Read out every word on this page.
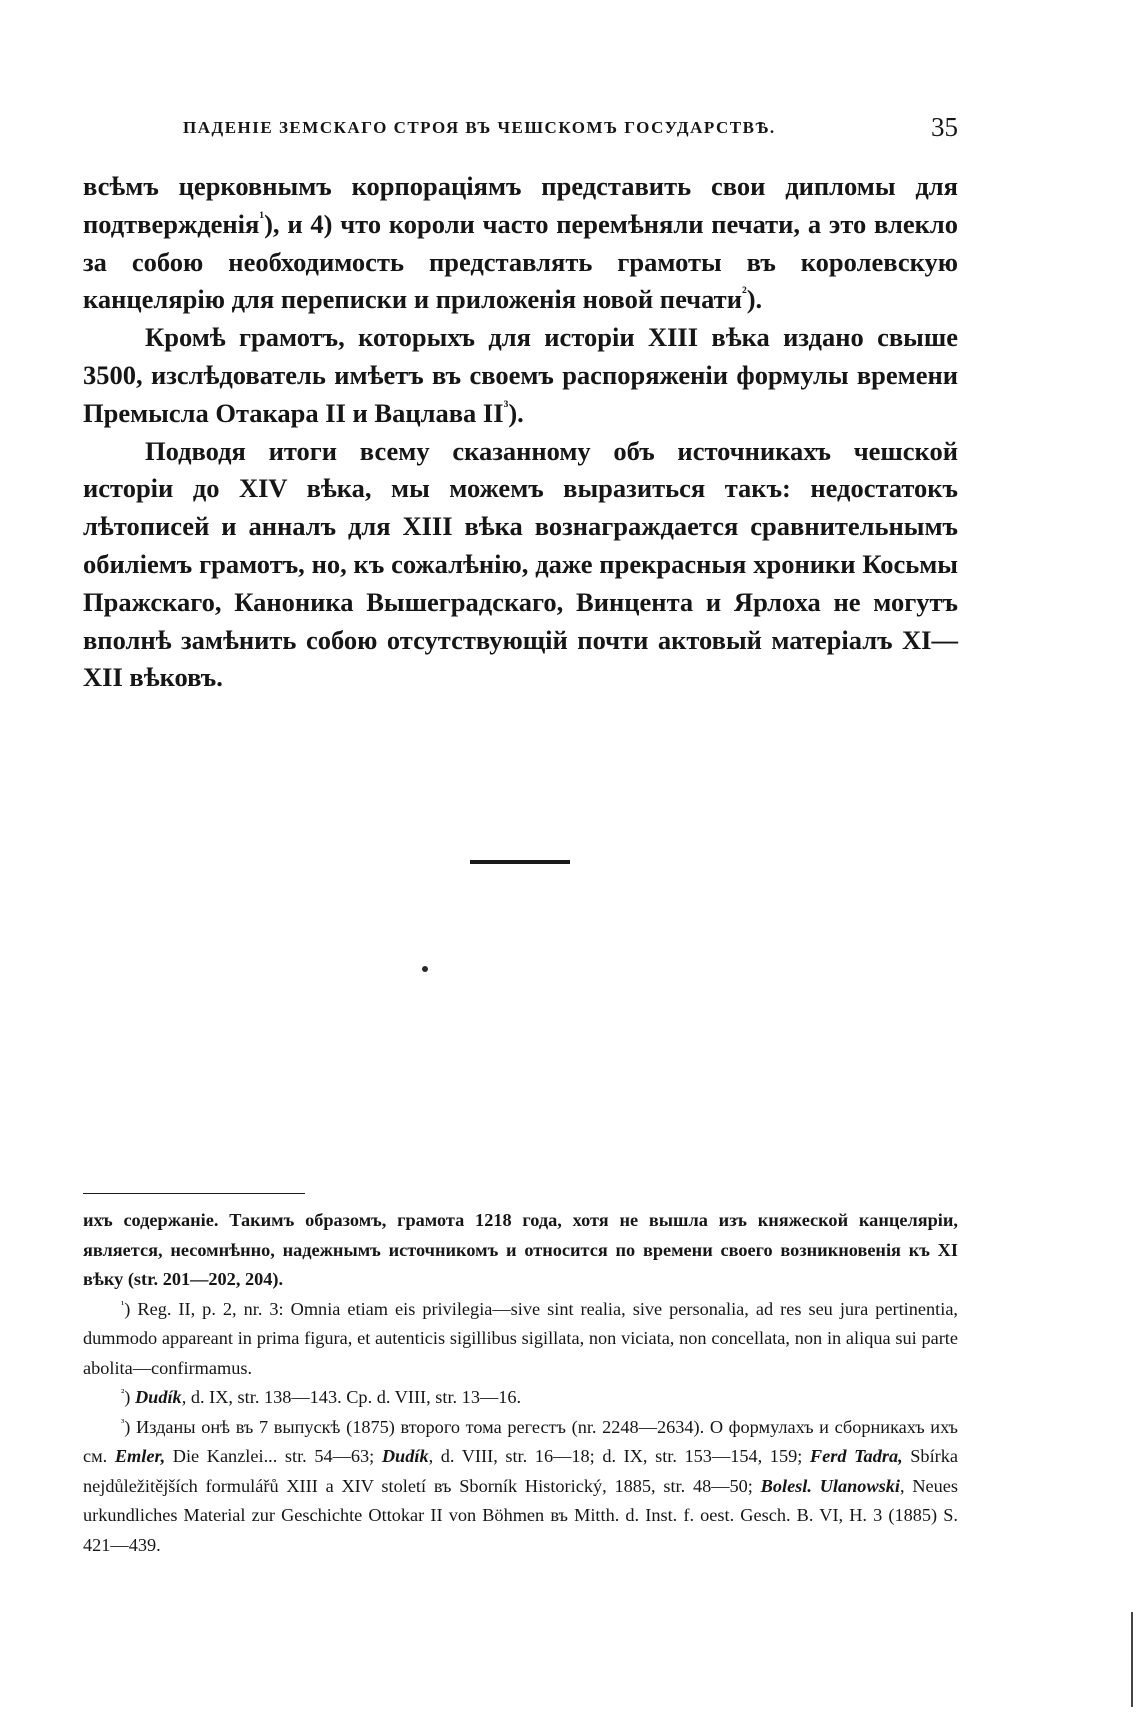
ПАДЕНІЕ ЗЕМСКАГО СТРОЯ ВЪ ЧЕШСКОМЪ ГОСУДАРСТВѢ.	35

всѣмъ церковнымъ корпораціямъ представить свои дипломы для подтвержденія$^{^1}$), и 4) что короли часто перемѣняли печати, а это влекло за собою необходимость представлять грамоты въ королевскую канцелярію для переписки и приложенія новой печати$^{^2}$).

Кромѣ грамотъ, которыхъ для исторіи XIII вѣка издано свыше 3500, изслѣдователь имѣетъ въ своемъ распоряженіи формулы времени Премысла Отакара II и Вацлава $II^{^3}$).

Подводя итоги всему сказанному объ источникахъ чешской исторіи до XIV вѣка, мы можемъ выразиться такъ: недостатокъ лѣтописей и анналъ для XIII вѣка вознаграждается сравнительнымъ обиліемъ грамотъ, но, къ сожалѣнію, даже прекрасныя хроники Косьмы Пражскаго, Каноника Вышеградскаго, Винцента и Ярлоха не могутъ вполнѣ замѣнить собою отсутствующій почти актовый матеріалъ XI—XII вѣковъ.

ихъ содержаніе. Такимъ образомъ, грамота 1218 года, хотя не вышла изъ княжеской канцеляріи, является, несомнѣнно, надежнымъ источникомъ и относится по времени своего возникновенія къ XI вѣку (str. 201—202, 204).

$^{^1}$) Reg. II, p. 2, nr. 3: Omnia etiam eis privilegia—sive sint realia, sive personalia, ad res seu jura pertinentia, dummodo appareant in prima figura, et autenticis sigillibus sigillata, non viciata, non concellata, non in aliqua sui parte abolita—confirmamus.

$^{^2}$) Dudík, d. IX, str. 138—143. Cp. d. VIII, str. 13—16.

$^{^3}$) Изданы онѣ въ 7 выпускѣ (1875) второго тома регестъ (nr. 2248—2634). О формулахъ и сборникахъ ихъ см. Emler, Die Kanzlei... str. 54—63; Dudík, d. VIII, str. 16—18; d. IX, str. 153—154, 159; Ferd Tadra, Sbírka nejdůležitějších formulářů XIII a XIV století въ Sborník Historický, 1885, str. 48—50; Bolesl. Ulanowski, Neues urkundliches Material zur Geschichte Ottokar II von Böhmen въ Mitth. d. Inst. f. oest. Gesch. B. VI, H. 3 (1885) S. 421—439.
